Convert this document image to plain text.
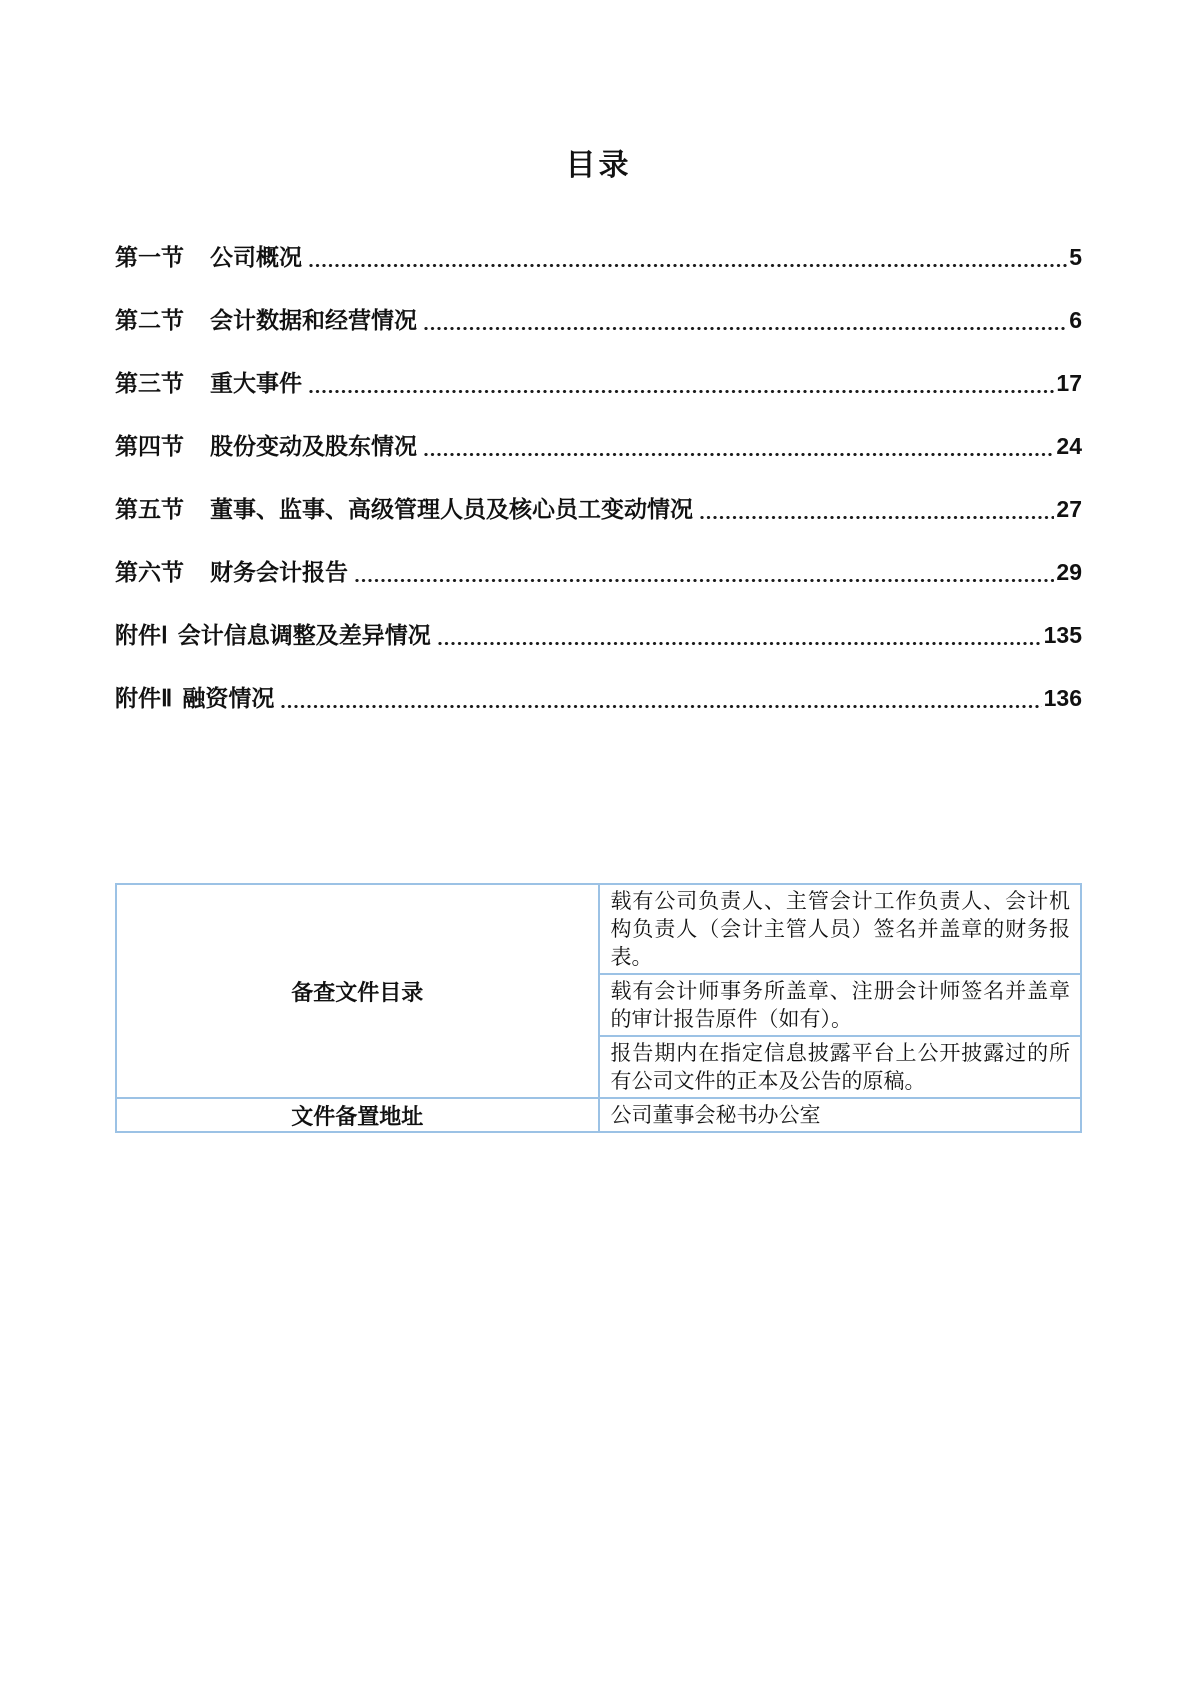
目录
第一节	公司概况	5
第二节	会计数据和经营情况	6
第三节	重大事件	17
第四节	股份变动及股东情况	24
第五节	董事、监事、高级管理人员及核心员工变动情况	27
第六节	财务会计报告	29
附件Ⅰ 会计信息调整及差异情况	135
附件Ⅱ 融资情况	136
备查文件目录	载有公司负责人、主管会计工作负责人、会计机构负责人（会计主管人员）签名并盖章的财务报表。
	载有会计师事务所盖章、注册会计师签名并盖章的审计报告原件（如有）。
	报告期内在指定信息披露平台上公开披露过的所有公司文件的正本及公告的原稿。
文件备置地址	公司董事会秘书办公室
